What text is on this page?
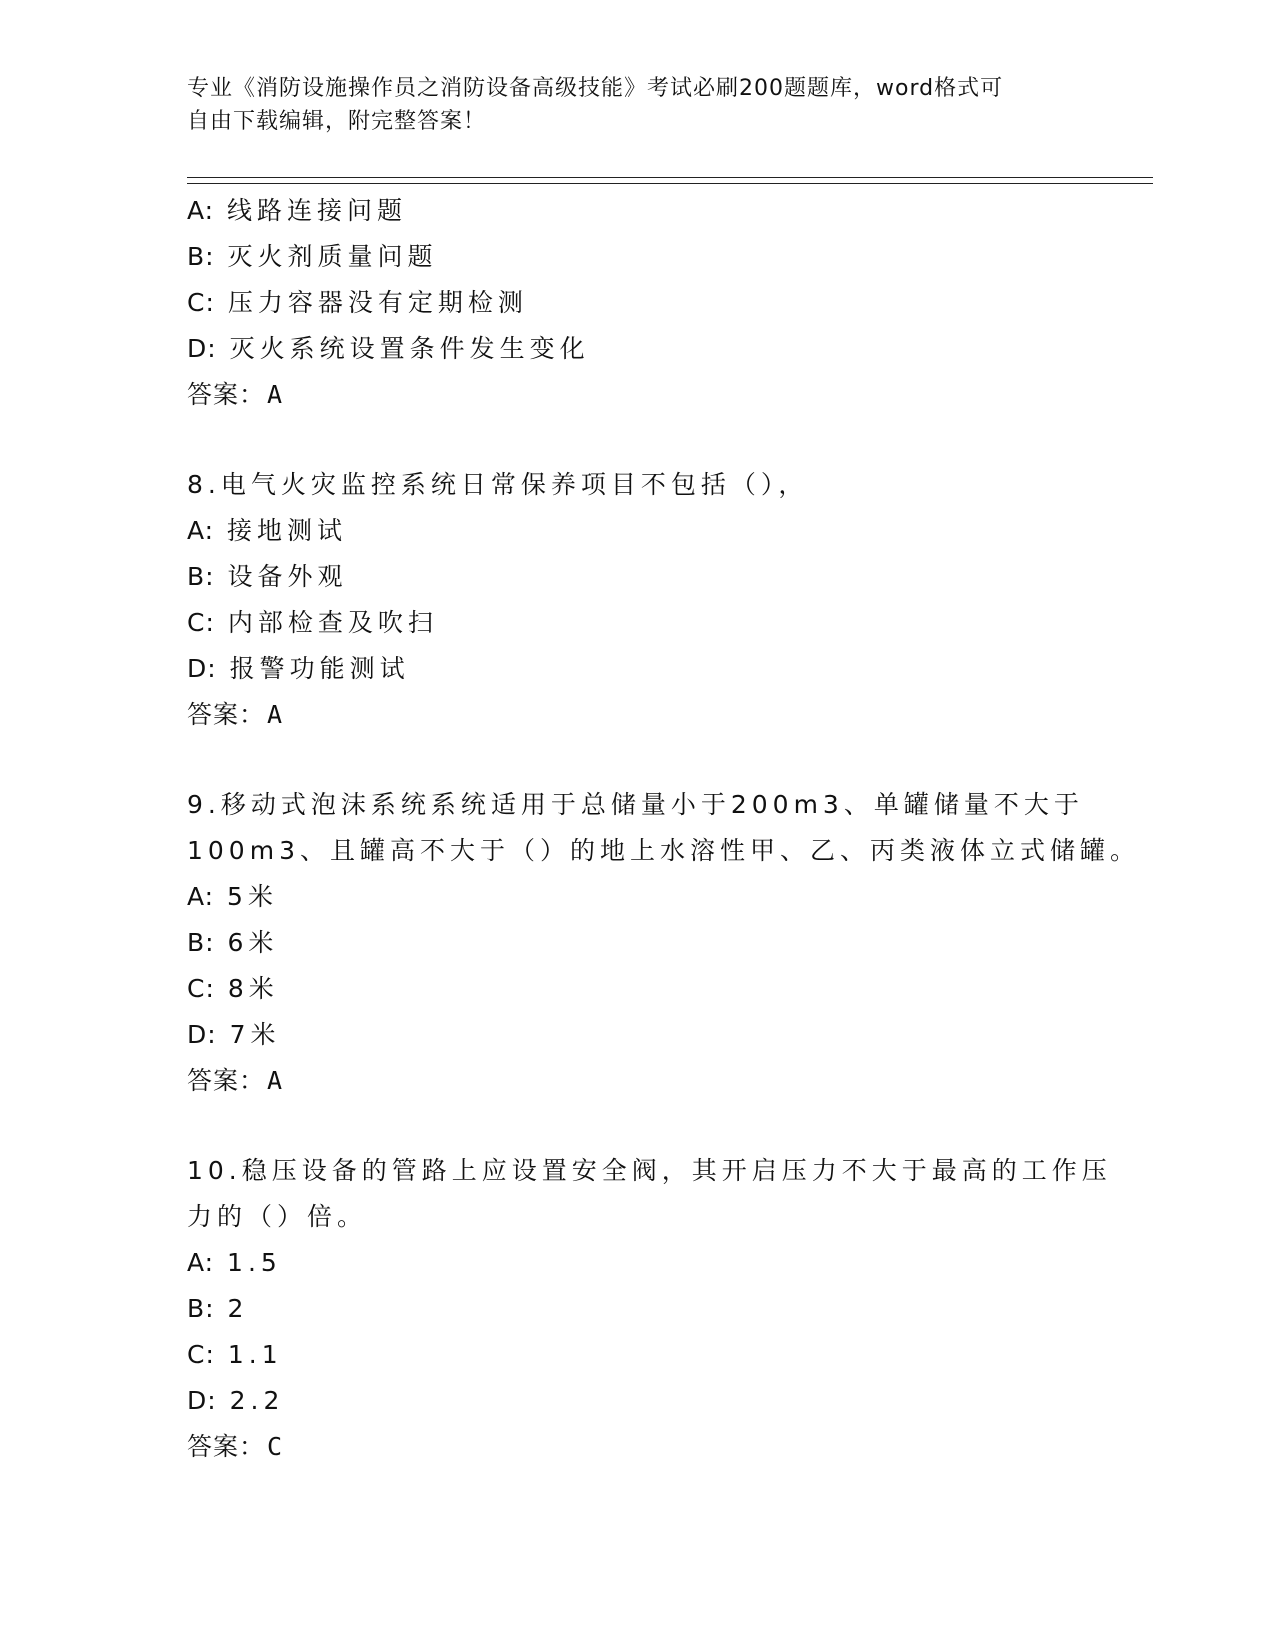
专业《消防设施操作员之消防设备高级技能》考试必刷200题题库，word格式可
自由下载编辑，附完整答案！
A: 线路连接问题
B: 灭火剂质量问题
C: 压力容器没有定期检测
D: 灭火系统设置条件发生变化
答案：A
8.电气火灾监控系统日常保养项目不包括（），
A: 接地测试
B: 设备外观
C: 内部检查及吹扫
D: 报警功能测试
答案：A
9.移动式泡沫系统系统适用于总储量小于200m3、单罐储量不大于
100m3、且罐高不大于（）的地上水溶性甲、乙、丙类液体立式储罐。
A: 5米
B: 6米
C: 8米
D: 7米
答案：A
10.稳压设备的管路上应设置安全阀，其开启压力不大于最高的工作压
力的（）倍。
A: 1.5
B: 2
C: 1.1
D: 2.2
答案：C
